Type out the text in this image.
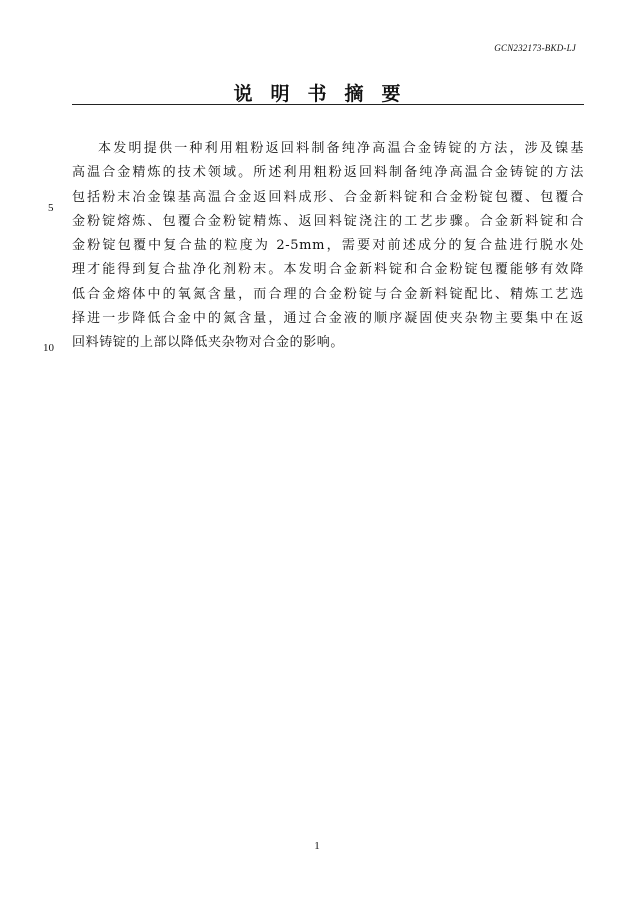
GCN232173-BKD-LJ
说明书摘要
5
10
本发明提供一种利用粗粉返回料制备纯净高温合金铸锭的方法，涉及镍基
高温合金精炼的技术领域。所述利用粗粉返回料制备纯净高温合金铸锭的方法
包括粉末冶金镍基高温合金返回料成形、合金新料锭和合金粉锭包覆、包覆合
金粉锭熔炼、包覆合金粉锭精炼、返回料锭浇注的工艺步骤。合金新料锭和合
金粉锭包覆中复合盐的粒度为 2-5mm，需要对前述成分的复合盐进行脱水处
理才能得到复合盐净化剂粉末。本发明合金新料锭和合金粉锭包覆能够有效降
低合金熔体中的氧氮含量，而合理的合金粉锭与合金新料锭配比、精炼工艺选
择进一步降低合金中的氮含量，通过合金液的顺序凝固使夹杂物主要集中在返
回料铸锭的上部以降低夹杂物对合金的影响。
1
